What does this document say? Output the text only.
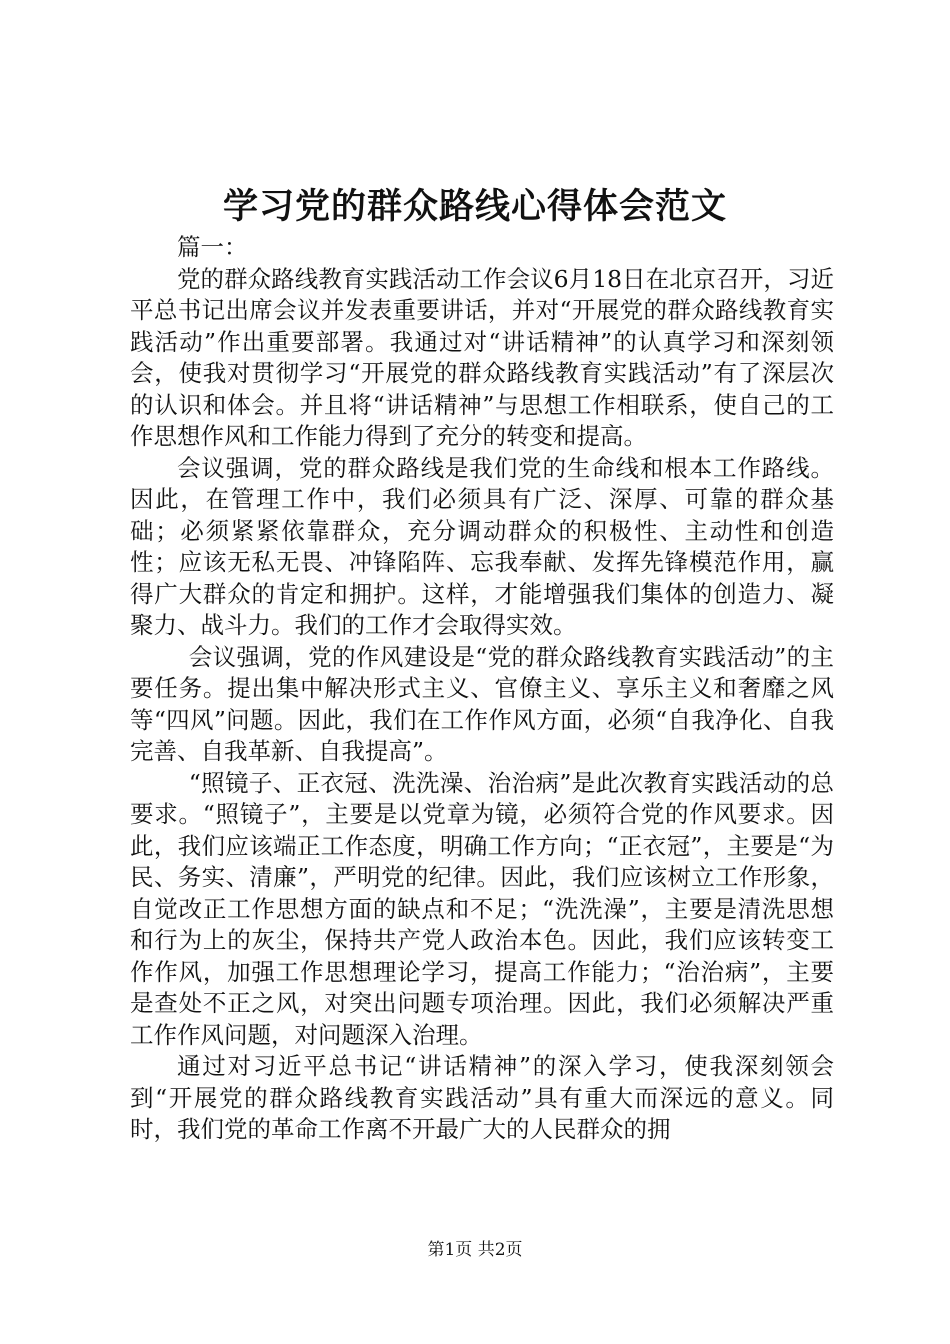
学习党的群众路线心得体会范文

篇一：

党的群众路线教育实践活动工作会议6月18日在北京召开，习近平总书记出席会议并发表重要讲话，并对“开展党的群众路线教育实践活动”作出重要部署。我通过对“讲话精神”的认真学习和深刻领会，使我对贯彻学习“开展党的群众路线教育实践活动”有了深层次的认识和体会。并且将“讲话精神”与思想工作相联系，使自己的工作思想作风和工作能力得到了充分的转变和提高。

会议强调，党的群众路线是我们党的生命线和根本工作路线。因此，在管理工作中，我们必须具有广泛、深厚、可靠的群众基础；必须紧紧依靠群众，充分调动群众的积极性、主动性和创造性；应该无私无畏、冲锋陷阵、忘我奉献、发挥先锋模范作用，赢得广大群众的肯定和拥护。这样，才能增强我们集体的创造力、凝聚力、战斗力。我们的工作才会取得实效。

会议强调，党的作风建设是“党的群众路线教育实践活动”的主要任务。提出集中解决形式主义、官僚主义、享乐主义和奢靡之风等“四风”问题。因此，我们在工作作风方面，必须“自我净化、自我完善、自我革新、自我提高”。

“照镜子、正衣冠、洗洗澡、治治病”是此次教育实践活动的总要求。“照镜子”，主要是以党章为镜，必须符合党的作风要求。因此，我们应该端正工作态度，明确工作方向；“正衣冠”，主要是“为民、务实、清廉”，严明党的纪律。因此，我们应该树立工作形象，自觉改正工作思想方面的缺点和不足；“洗洗澡”，主要是清洗思想和行为上的灰尘，保持共产党人政治本色。因此，我们应该转变工作作风，加强工作思想理论学习，提高工作能力；“治治病”，主要是查处不正之风，对突出问题专项治理。因此，我们必须解决严重工作作风问题，对问题深入治理。

通过对习近平总书记“讲话精神”的深入学习，使我深刻领会到“开展党的群众路线教育实践活动”具有重大而深远的意义。同时，我们党的革命工作离不开最广大的人民群众的拥

第1页 共2页
